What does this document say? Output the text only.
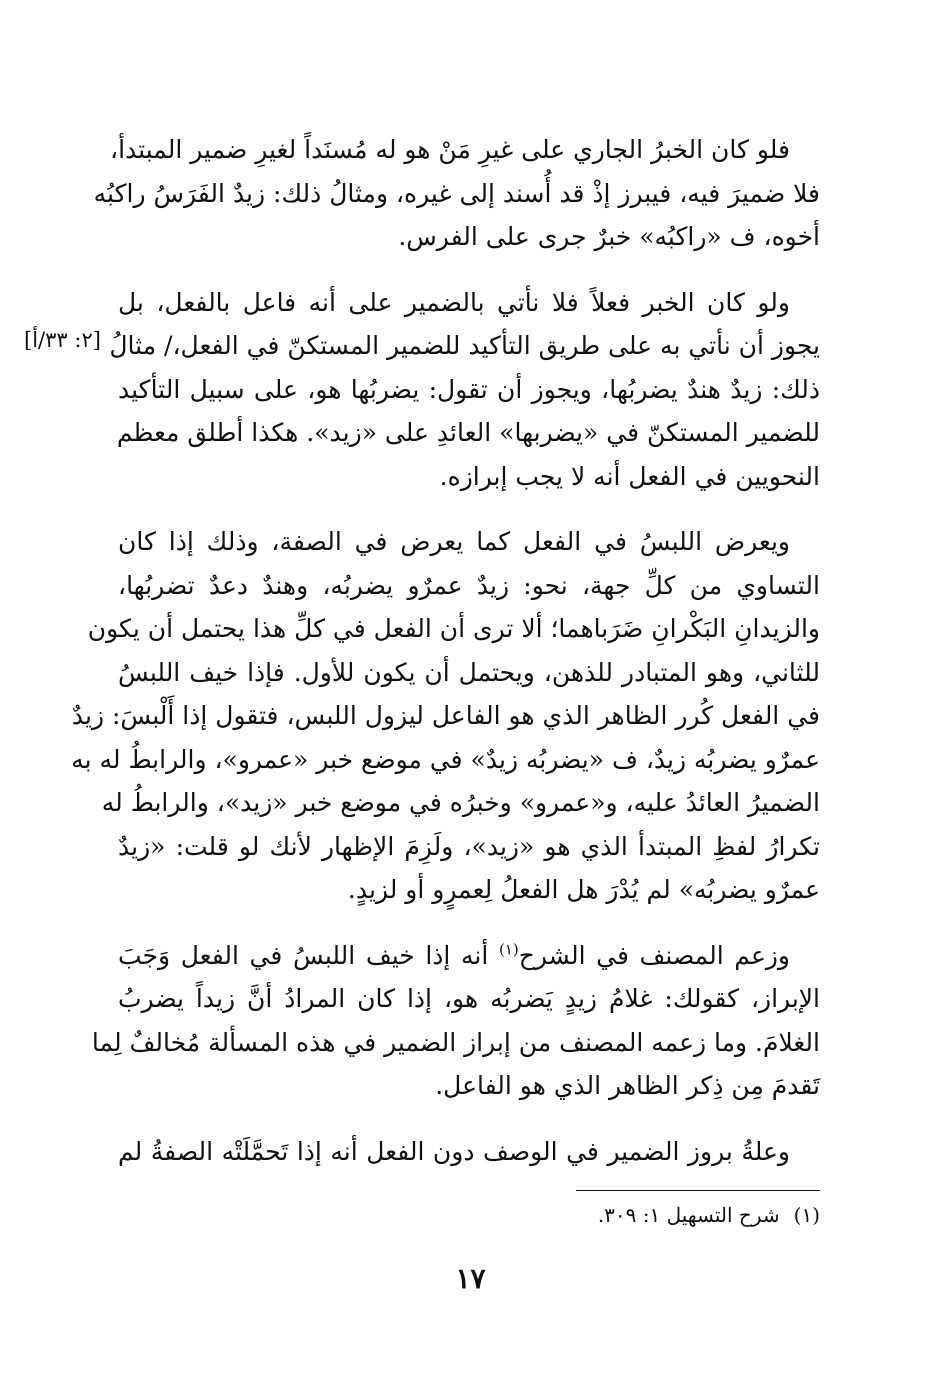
فلو كان الخبرُ الجاري على غيرِ مَنْ هو له مُسنَداً لغيرِ ضمير المبتدأ،
فلا ضميرَ فيه، فيبرز إذْ قد أُسند إلى غيره، ومثالُ ذلك: زيدٌ الفَرَسُ راكبُه
أخوه، ف «راكبُه» خبرٌ جرى على الفرس.

ولو كان الخبر فعلاً فلا نأتي بالضمير على أنه فاعل بالفعل، بل
يجوز أن نأتي به على طريق التأكيد للضمير المستكنّ في الفعل،/ مثالُ
ذلك: زيدٌ هندٌ يضربُها، ويجوز أن تقول: يضربُها هو، على سبيل التأكيد
للضمير المستكنّ في «يضربها» العائدِ على «زيد». هكذا أطلق معظم
النحويين في الفعل أنه لا يجب إبرازه.

ويعرض اللبسُ في الفعل كما يعرض في الصفة، وذلك إذا كان
التساوي من كلِّ جهة، نحو: زيدٌ عمرٌو يضربُه، وهندٌ دعدٌ تضربُها،
والزيدانِ البَكْرانِ ضَرَباهما؛ ألا ترى أن الفعل في كلِّ هذا يحتمل أن يكون
للثاني، وهو المتبادر للذهن، ويحتمل أن يكون للأول. فإذا خيف اللبسُ
في الفعل كُرر الظاهر الذي هو الفاعل ليزول اللبس، فتقول إذا أَلْبسَ: زيدٌ
عمرٌو يضربُه زيدٌ، ف «يضربُه زيدٌ» في موضع خبر «عمرو»، والرابطُ له به
الضميرُ العائدُ عليه، و«عمرو» وخبرُه في موضع خبر «زيد»، والرابطُ له
تكرارُ لفظِ المبتدأ الذي هو «زيد»، ولَزِمَ الإظهار لأنك لو قلت: «زيدٌ
عمرٌو يضربُه» لم يُدْرَ هل الفعلُ لِعمرٍو أو لزيدٍ.

وزعم المصنف في الشرح$^{(١)}$ أنه إذا خيف اللبسُ في الفعل وَجَبَ
الإبراز، كقولك: غلامُ زيدٍ يَضربُه هو، إذا كان المرادُ أنَّ زيداً يضربُ
الغلامَ. وما زعمه المصنف من إبراز الضمير في هذه المسألة مُخالفٌ لِما
تَقدمَ مِن ذِكر الظاهر الذي هو الفاعل.

وعلةُ بروز الضمير في الوصف دون الفعل أنه إذا تَحمَّلَتْه الصفةُ لم

[٢: ٣٣/أ]
(١)شرح التسهيل ١: ٣٠٩.
١٧
